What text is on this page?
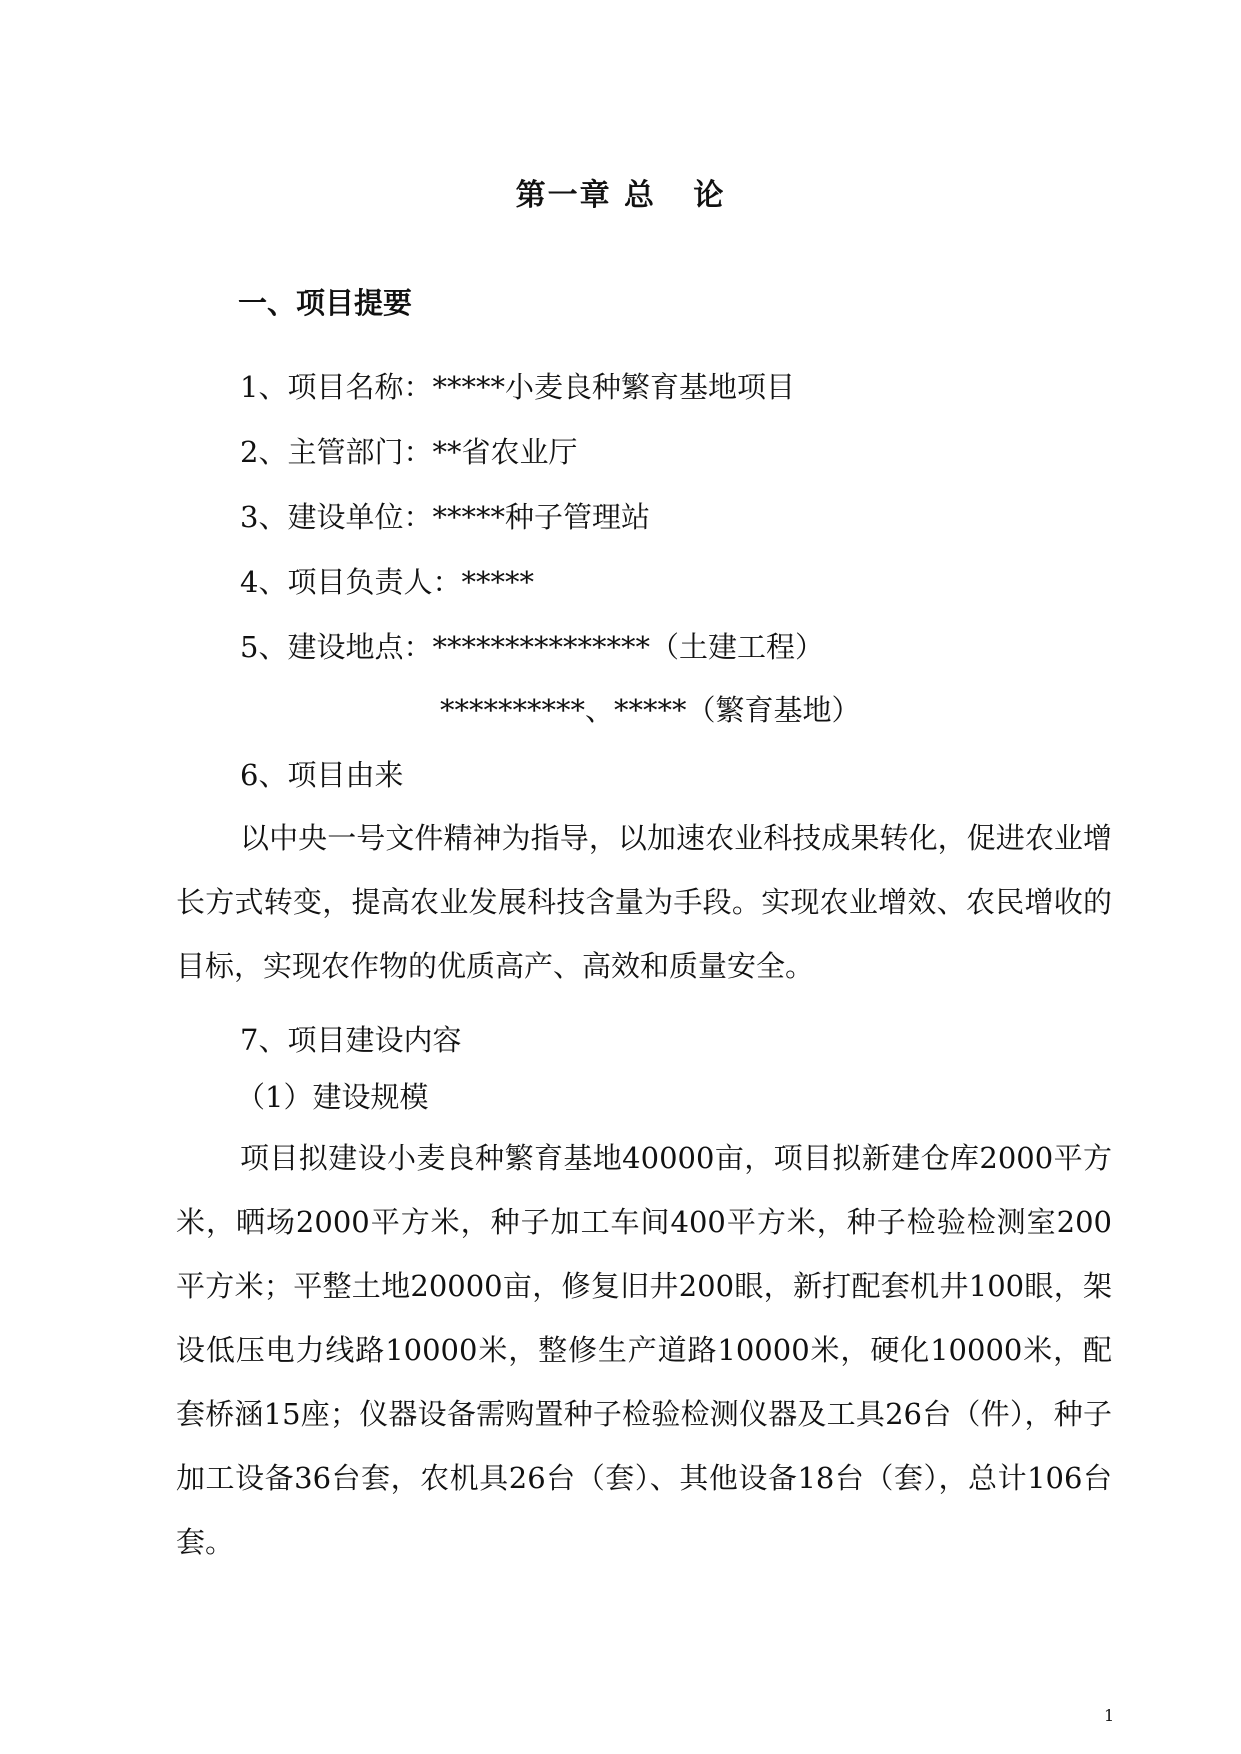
第一章 总   论
一、项目提要
1、项目名称：*****小麦良种繁育基地项目
2、主管部门：**省农业厅
3、建设单位：*****种子管理站
4、项目负责人：*****
5、建设地点：***************（土建工程）
**********、*****（繁育基地）
6、项目由来
以中央一号文件精神为指导，以加速农业科技成果转化，促进农业增长方式转变，提高农业发展科技含量为手段。实现农业增效、农民增收的目标，实现农作物的优质高产、高效和质量安全。
7、项目建设内容
（1）建设规模
项目拟建设小麦良种繁育基地40000亩，项目拟新建仓库2000平方米，晒场2000平方米，种子加工车间400平方米，种子检验检测室200平方米；平整土地20000亩，修复旧井200眼，新打配套机井100眼，架设低压电力线路10000米，整修生产道路10000米，硬化10000米，配套桥涵15座；仪器设备需购置种子检验检测仪器及工具26台（件），种子加工设备36台套，农机具26台（套）、其他设备18台（套），总计106台套。
1
